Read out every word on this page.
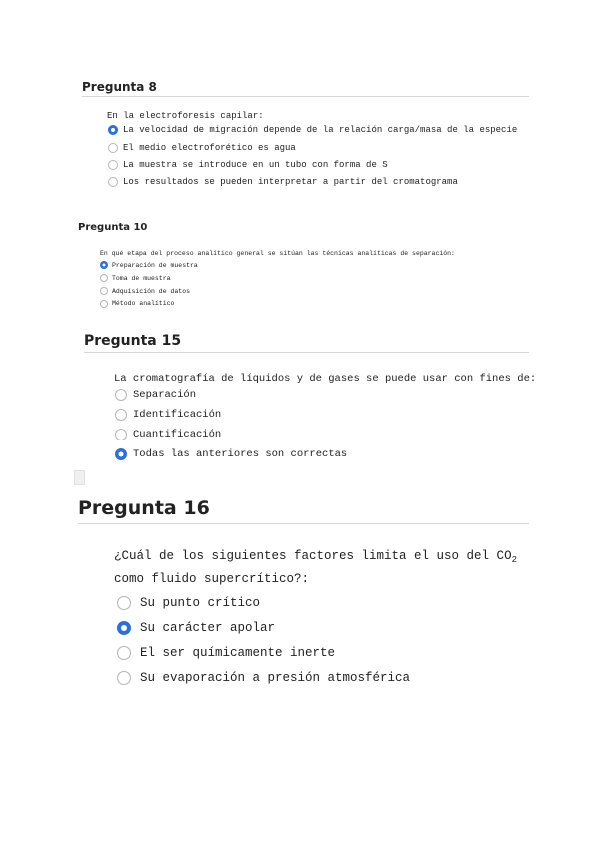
Pregunta 8
En la electroforesis capilar:
La velocidad de migración depende de la relación carga/masa de la especie
El medio electroforético es agua
La muestra se introduce en un tubo con forma de S
Los resultados se pueden interpretar a partir del cromatograma
Pregunta 10
En qué etapa del proceso analítico general se sitúan las técnicas analíticas de separación:
Preparación de muestra
Toma de muestra
Adquisición de datos
Método analítico
Pregunta 15
La cromatografía de líquidos y de gases se puede usar con fines de:
Separación
Identificación
Cuantificación
Todas las anteriores son correctas
Pregunta 16
¿Cuál de los siguientes factores limita el uso del $CO_2$
como fluido supercrítico?:
Su punto crítico
Su carácter apolar
El ser químicamente inerte
Su evaporación a presión atmosférica
